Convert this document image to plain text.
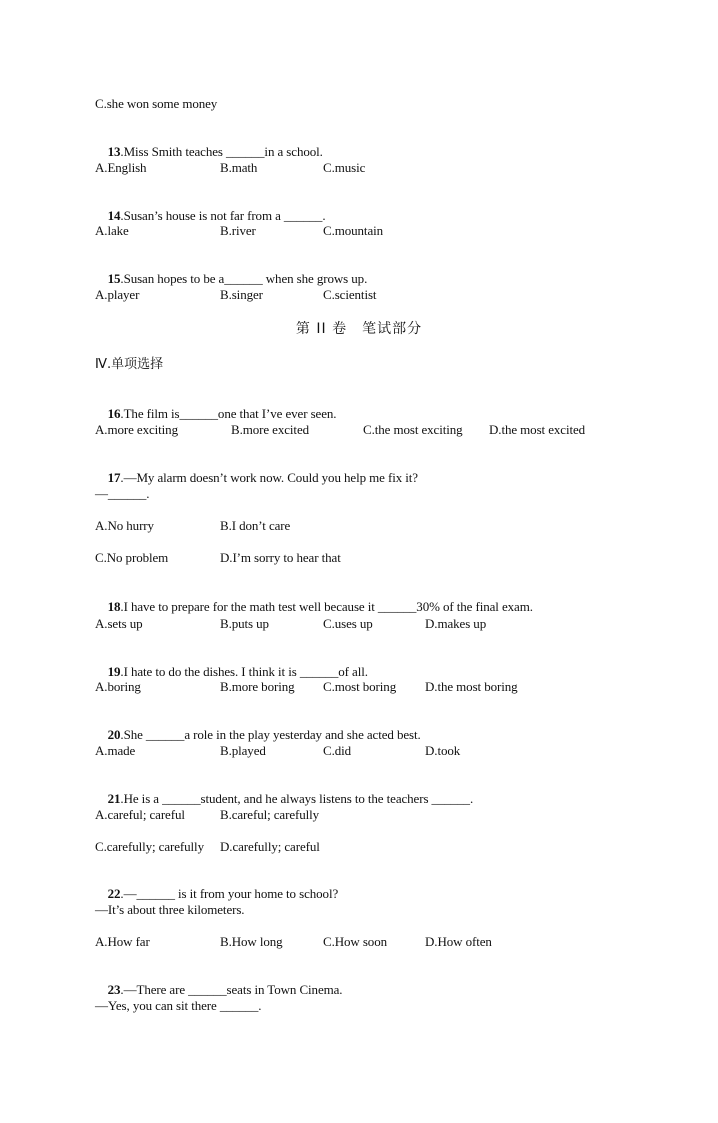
C.she won some money

13.Miss Smith teaches ______in a school.

A.English	B.math	C.music

14.Susan’s house is not far from a ______.

A.lake	B.river	C.mountain

15.Susan hopes to be a______ when she grows up.

A.player	B.singer	C.scientist
第 II 卷　笔试部分
Ⅳ.单项选择

16.The film is______one that I’ve ever seen.

A.more exciting	B.more excited	C.the most exciting D.the most excited

17.—My alarm doesn’t work now. Could you help me fix it?

—______.
A.No hurry	B.I don’t care
C.No problem	D.I’m sorry to hear that

18.I have to prepare for the math test well because it ______30% of the final exam.

A.sets up	B.puts up	C.uses up	D.makes up

19.I hate to do the dishes. I think it is ______of all.

A.boring	B.more boring C.most boring D.the most boring

20.She ______a role in the play yesterday and she acted best.

A.made	B.played	C.did	D.took

21.He is a ______student, and he always listens to the teachers ______.

A.careful; careful	B.careful; carefully
C.carefully; carefully D.carefully; careful

22.—______ is it from your home to school?

—It’s about three kilometers.
A.How far	B.How long	C.How soon	D.How often

23.—There are ______seats in Town Cinema.

—Yes, you can sit there ______.
